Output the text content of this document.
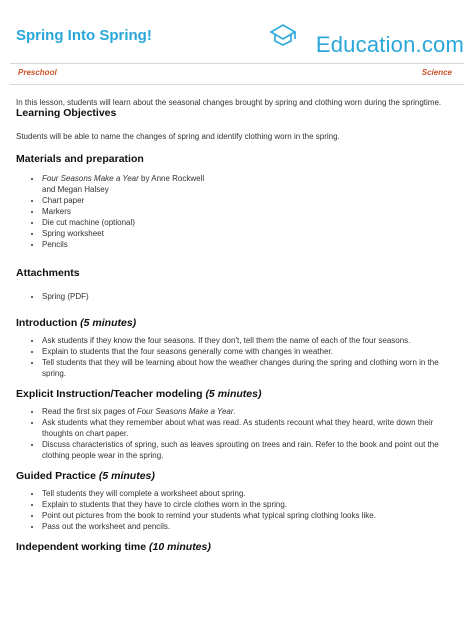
Spring Into Spring!	Education.com
Preschool	Science

In this lesson, students will learn about the seasonal changes brought by spring and clothing worn during the springtime.

Learning Objectives

Students will be able to name the changes of spring and identify clothing worn in the spring.

Materials and preparation
• Four Seasons Make a Year by Anne Rockwell
and Megan Halsey
• Chart paper
• Markers
• Die cut machine (optional)
• Spring worksheet
• Pencils
Attachments
• Spring (PDF)
Introduction (5 minutes)
• Ask students if they know the four seasons. If they don't, tell them the name of each of the four seasons.
• Explain to students that the four seasons generally come with changes in weather.
• Tell students that they will be learning about how the weather changes during the spring and clothing worn in the spring.
Explicit Instruction/Teacher modeling (5 minutes)
• Read the first six pages of Four Seasons Make a Year.
• Ask students what they remember about what was read. As students recount what they heard, write down their thoughts on chart paper.
• Discuss characteristics of spring, such as leaves sprouting on trees and rain. Refer to the book and point out the clothing people wear in the spring.
Guided Practice (5 minutes)
• Tell students they will complete a worksheet about spring.
• Explain to students that they have to circle clothes worn in the spring.
• Point out pictures from the book to remind your students what typical spring clothing looks like.
• Pass out the worksheet and pencils.
Independent working time (10 minutes)
